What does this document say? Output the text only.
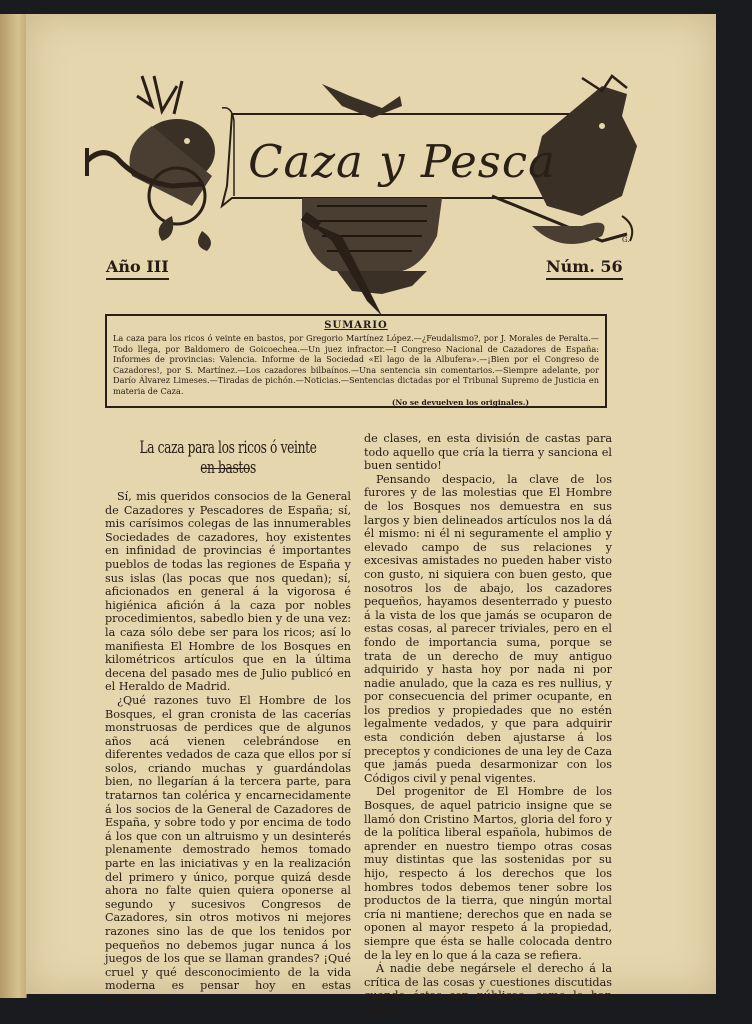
G.
Caza y Pesca
Año III	Núm. 56
SUMARIO
La caza para los ricos ó veinte en bastos, por Gregorio Martínez López.—¿Feudalismo?, por J. Morales de Peralta.—Todo llega, por Baldomero de Goicoechea.—Un juez infractor.—I Congreso Nacional de Cazadores de España: Informes de provincias: Valencia. Informe de la Sociedad «El lago de la Albufera».—¡Bien por el Congreso de Cazadores!, por S. Martínez.—Los cazadores bilbaínos.—Una sentencia sin comentarios.—Siempre adelante, por Darío Álvarez Limeses.—Tiradas de pichón.—Noticias.—Sentencias dictadas por el Tribunal Supremo de Justicia en materia de Caza.
(No se devuelven los originales.)
La caza para los ricos ó veinte en bastos

Sí, mis queridos consocios de la General de Cazadores y Pescadores de España; sí, mis carísimos colegas de las innumerables Sociedades de cazadores, hoy existentes en infinidad de provincias é importantes pueblos de todas las regiones de España y sus islas (las pocas que nos quedan); sí, aficionados en general á la vigorosa é higiénica afición á la caza por nobles procedimientos, sabedlo bien y de una vez: la caza sólo debe ser para los ricos; así lo manifiesta El Hombre de los Bosques en kilométricos artículos que en la última decena del pasado mes de Julio publicó en el Heraldo de Madrid.

¿Qué razones tuvo El Hombre de los Bosques, el gran cronista de las cacerías monstruosas de perdices que de algunos años acá vienen celebrándose en diferentes vedados de caza que ellos por sí solos, criando muchas y guardándolas bien, no llegarían á la tercera parte, para tratarnos tan colérica y encarnecidamente á los socios de la General de Cazadores de España, y sobre todo y por encima de todo á los que con un altruismo y un desinterés plenamente demostrado hemos tomado parte en las iniciativas y en la realización del primero y único, porque quizá desde ahora no falte quien quiera oponerse al segundo y sucesivos Congresos de Cazadores, sin otros motivos ni mejores razones sino las de que los tenidos por pequeños no debemos jugar nunca á los juegos de los que se llaman grandes? ¡Qué cruel y qué desconocimiento de la vida moderna es pensar hoy en estas diferencias

de clases, en esta división de castas para todo aquello que cría la tierra y sanciona el buen sentido!

Pensando despacio, la clave de los furores y de las molestias que El Hombre de los Bosques nos demuestra en sus largos y bien delineados artículos nos la dá él mismo: ni él ni seguramente el amplio y elevado campo de sus relaciones y excesivas amistades no pueden haber visto con gusto, ni siquiera con buen gesto, que nosotros los de abajo, los cazadores pequeños, hayamos desenterrado y puesto á la vista de los que jamás se ocuparon de estas cosas, al parecer triviales, pero en el fondo de importancia suma, porque se trata de un derecho de muy antiguo adquirido y hasta hoy por nada ni por nadie anulado, que la caza es res nullius, y por consecuencia del primer ocupante, en los predios y propiedades que no estén legalmente vedados, y que para adquirir esta condición deben ajustarse á los preceptos y condiciones de una ley de Caza que jamás pueda desarmonizar con los Códigos civil y penal vigentes.

Del progenitor de El Hombre de los Bosques, de aquel patricio insigne que se llamó don Cristino Martos, gloria del foro y de la política liberal española, hubimos de aprender en nuestro tiempo otras cosas muy distintas que las sostenidas por su hijo, respecto á los derechos que los hombres todos debemos tener sobre los productos de la tierra, que ningún mortal cría ni mantiene; derechos que en nada se oponen al mayor respeto á la propiedad, siempre que ésta se halle colocada dentro de la ley en lo que á la caza se refiera.

Á nadie debe negársele el derecho á la crítica de las cosas y cuestiones discutidas cuando éstas son públicas, como lo han sido el
